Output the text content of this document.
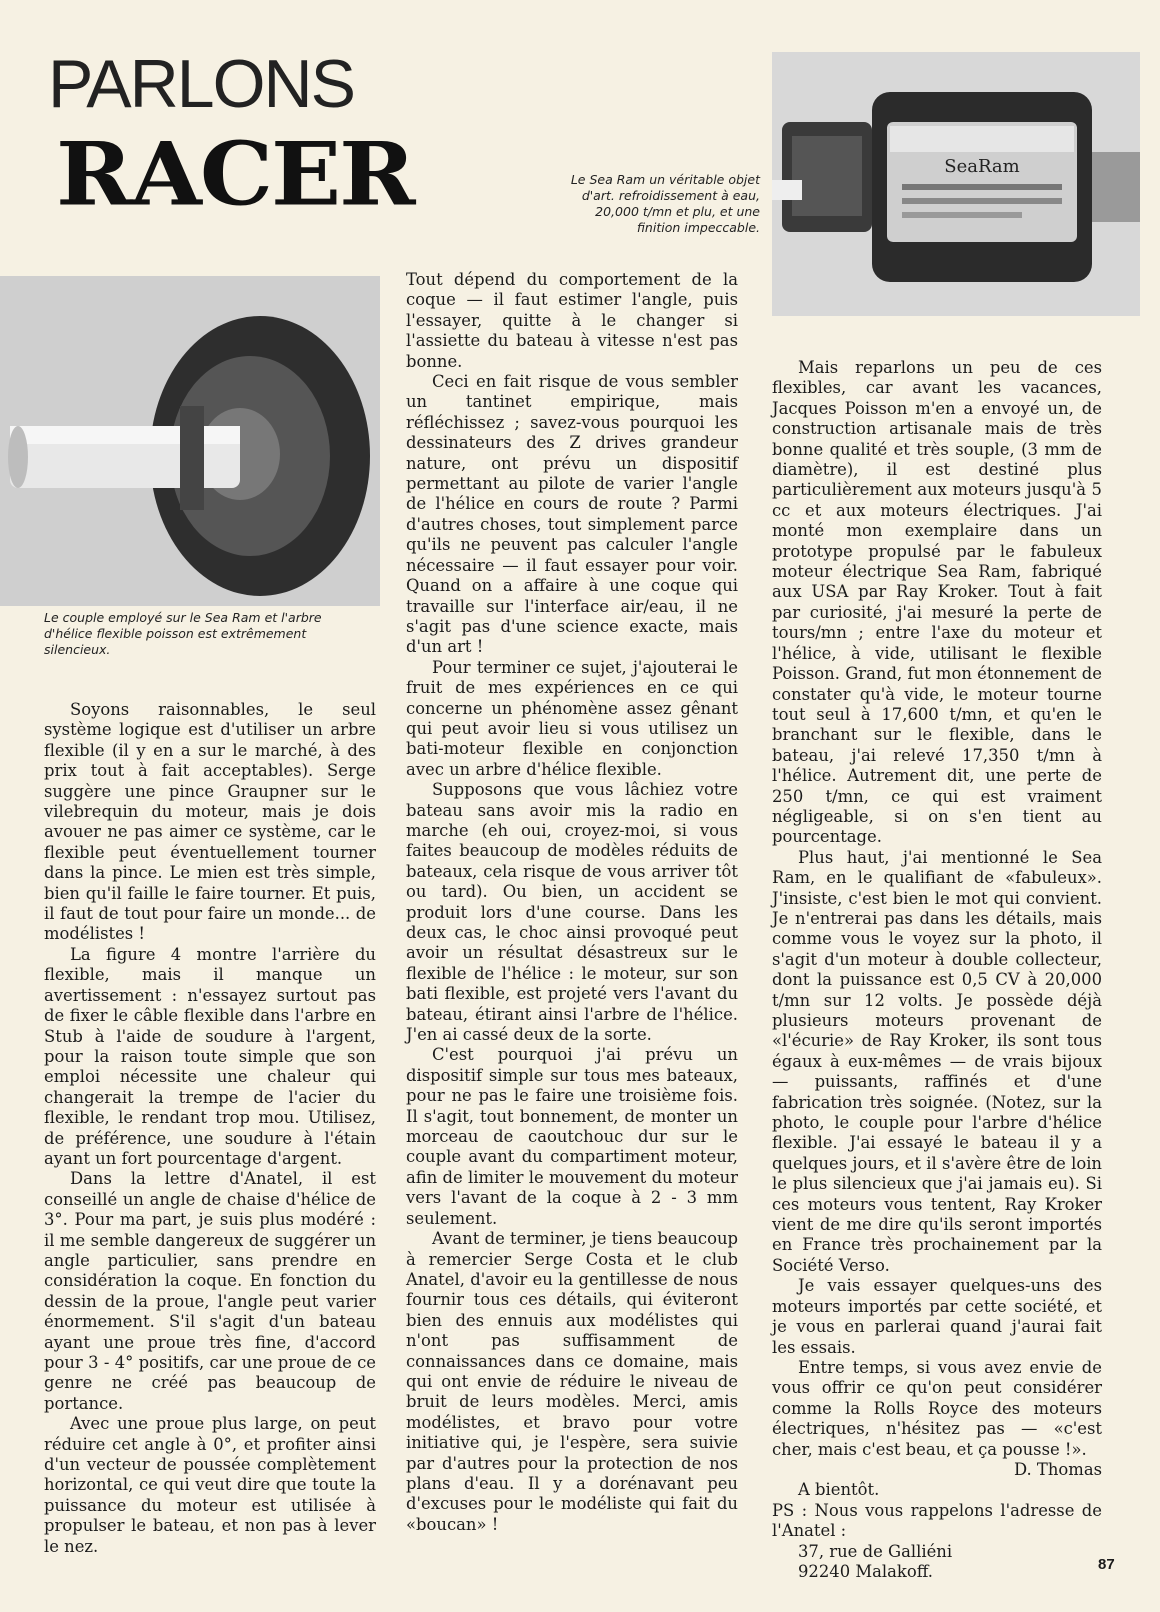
PARLONS
RACER	SeaRam
Le Sea Ram un véritable objet d'art. refroidissement à eau, 20,000 t/mn et plu, et une finition impeccable.
Le couple employé sur le Sea Ram et l'arbre d'hélice flexible poisson est extrêmement silencieux.

Soyons raisonnables, le seul système logique est d'utiliser un arbre flexible (il y en a sur le marché, à des prix tout à fait acceptables). Serge suggère une pince Graupner sur le vilebrequin du moteur, mais je dois avouer ne pas aimer ce système, car le flexible peut éventuellement tourner dans la pince. Le mien est très simple, bien qu'il faille le faire tourner. Et puis, il faut de tout pour faire un monde... de modélistes !

La figure 4 montre l'arrière du flexible, mais il manque un avertissement : n'essayez surtout pas de fixer le câble flexible dans l'arbre en Stub à l'aide de soudure à l'argent, pour la raison toute simple que son emploi nécessite une chaleur qui changerait la trempe de l'acier du flexible, le rendant trop mou. Utilisez, de préférence, une soudure à l'étain ayant un fort pourcentage d'argent.

Dans la lettre d'Anatel, il est conseillé un angle de chaise d'hélice de 3°. Pour ma part, je suis plus modéré : il me semble dangereux de suggérer un angle particulier, sans prendre en considération la coque. En fonction du dessin de la proue, l'angle peut varier énormement. S'il s'agit d'un bateau ayant une proue très fine, d'accord pour 3 - 4° positifs, car une proue de ce genre ne créé pas beaucoup de portance.

Avec une proue plus large, on peut réduire cet angle à 0°, et profiter ainsi d'un vecteur de poussée complètement horizontal, ce qui veut dire que toute la puissance du moteur est utilisée à propulser le bateau, et non pas à lever le nez.

Tout dépend du comportement de la coque — il faut estimer l'angle, puis l'essayer, quitte à le changer si l'assiette du bateau à vitesse n'est pas bonne.

Ceci en fait risque de vous sembler un tantinet empirique, mais réfléchissez ; savez-vous pourquoi les dessinateurs des Z drives grandeur nature, ont prévu un dispositif permettant au pilote de varier l'angle de l'hélice en cours de route ? Parmi d'autres choses, tout simplement parce qu'ils ne peuvent pas calculer l'angle nécessaire — il faut essayer pour voir. Quand on a affaire à une coque qui travaille sur l'interface air/eau, il ne s'agit pas d'une science exacte, mais d'un art !

Pour terminer ce sujet, j'ajouterai le fruit de mes expériences en ce qui concerne un phénomène assez gênant qui peut avoir lieu si vous utilisez un bati-moteur flexible en conjonction avec un arbre d'hélice flexible.

Supposons que vous lâchiez votre bateau sans avoir mis la radio en marche (eh oui, croyez-moi, si vous faites beaucoup de modèles réduits de bateaux, cela risque de vous arriver tôt ou tard). Ou bien, un accident se produit lors d'une course. Dans les deux cas, le choc ainsi provoqué peut avoir un résultat désastreux sur le flexible de l'hélice : le moteur, sur son bati flexible, est projeté vers l'avant du bateau, étirant ainsi l'arbre de l'hélice. J'en ai cassé deux de la sorte.

C'est pourquoi j'ai prévu un dispositif simple sur tous mes bateaux, pour ne pas le faire une troisième fois. Il s'agit, tout bonnement, de monter un morceau de caoutchouc dur sur le couple avant du compartiment moteur, afin de limiter le mouvement du moteur vers l'avant de la coque à 2 - 3 mm seulement.

Avant de terminer, je tiens beaucoup à remercier Serge Costa et le club Anatel, d'avoir eu la gentillesse de nous fournir tous ces détails, qui éviteront bien des ennuis aux modélistes qui n'ont pas suffisamment de connaissances dans ce domaine, mais qui ont envie de réduire le niveau de bruit de leurs modèles. Merci, amis modélistes, et bravo pour votre initiative qui, je l'espère, sera suivie par d'autres pour la protection de nos plans d'eau. Il y a dorénavant peu d'excuses pour le modéliste qui fait du «boucan» !

Mais reparlons un peu de ces flexibles, car avant les vacances, Jacques Poisson m'en a envoyé un, de construction artisanale mais de très bonne qualité et très souple, (3 mm de diamètre), il est destiné plus particulièrement aux moteurs jusqu'à 5 cc et aux moteurs électriques. J'ai monté mon exemplaire dans un prototype propulsé par le fabuleux moteur électrique Sea Ram, fabriqué aux USA par Ray Kroker. Tout à fait par curiosité, j'ai mesuré la perte de tours/mn ; entre l'axe du moteur et l'hélice, à vide, utilisant le flexible Poisson. Grand, fut mon étonnement de constater qu'à vide, le moteur tourne tout seul à 17,600 t/mn, et qu'en le branchant sur le flexible, dans le bateau, j'ai relevé 17,350 t/mn à l'hélice. Autrement dit, une perte de 250 t/mn, ce qui est vraiment négligeable, si on s'en tient au pourcentage.

Plus haut, j'ai mentionné le Sea Ram, en le qualifiant de «fabuleux». J'insiste, c'est bien le mot qui convient. Je n'entrerai pas dans les détails, mais comme vous le voyez sur la photo, il s'agit d'un moteur à double collecteur, dont la puissance est 0,5 CV à 20,000 t/mn sur 12 volts. Je possède déjà plusieurs moteurs provenant de «l'écurie» de Ray Kroker, ils sont tous égaux à eux-mêmes — de vrais bijoux — puissants, raffinés et d'une fabrication très soignée. (Notez, sur la photo, le couple pour l'arbre d'hélice flexible. J'ai essayé le bateau il y a quelques jours, et il s'avère être de loin le plus silencieux que j'ai jamais eu). Si ces moteurs vous tentent, Ray Kroker vient de me dire qu'ils seront importés en France très prochainement par la Société Verso.

Je vais essayer quelques-uns des moteurs importés par cette société, et je vous en parlerai quand j'aurai fait les essais.

Entre temps, si vous avez envie de vous offrir ce qu'on peut considérer comme la Rolls Royce des moteurs électriques, n'hésitez pas — «c'est cher, mais c'est beau, et ça pousse !».

D. Thomas

A bientôt.

PS : Nous vous rappelons l'adresse de l'Anatel :

37, rue de Galliéni

92240 Malakoff.	87
